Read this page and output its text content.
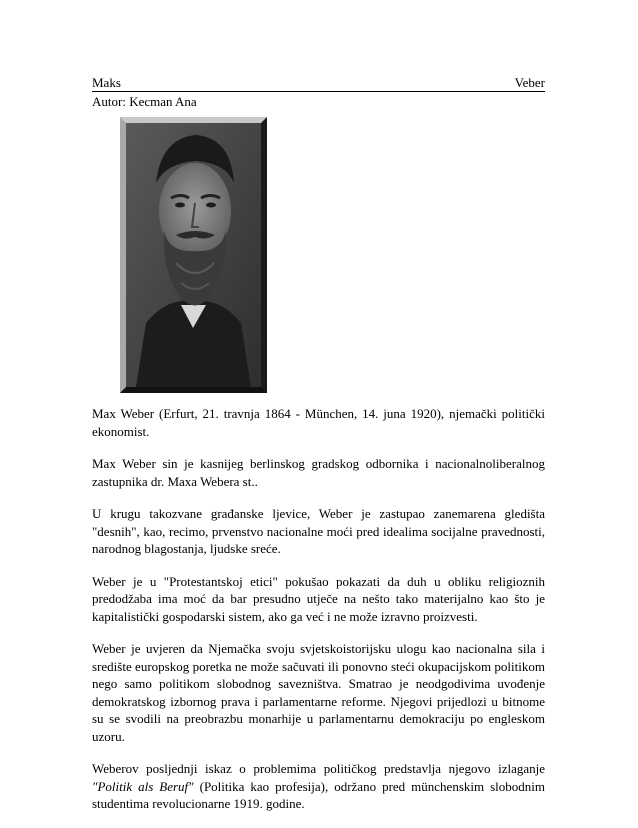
Maks	Veber
Autor: Kecman Ana

Max Weber (Erfurt, 21. travnja 1864 - München, 14. juna 1920), njemački politički ekonomist.

Max Weber sin je kasnijeg berlinskog gradskog odbornika i nacionalnoliberalnog zastupnika dr. Maxa Webera st..

U krugu takozvane građanske ljevice, Weber je zastupao zanemarena gledišta "desnih", kao, recimo, prvenstvo nacionalne moći pred idealima socijalne pravednosti, narodnog blagostanja, ljudske sreće.

Weber je u "Protestantskoj etici" pokušao pokazati da duh u obliku religioznih predodžaba ima moć da bar presudno utječe na nešto tako materijalno kao što je kapitalistički gospodarski sistem, ako ga već i ne može izravno proizvesti.

Weber je uvjeren da Njemačka svoju svjetskoistorijsku ulogu kao nacionalna sila i središte europskog poretka ne može sačuvati ili ponovno steći okupacijskom politikom nego samo politikom slobodnog savezništva. Smatrao je neodgodivima uvođenje demokratskog izbornog prava i parlamentarne reforme. Njegovi prijedlozi u bitnome su se svodili na preobrazbu monarhije u parlamentarnu demokraciju po engleskom uzoru.

Weberov posljednji iskaz o problemima političkog predstavlja njegovo izlaganje "Politik als Beruf" (Politika kao profesija), održano pred münchenskim slobodnim studentima revolucionarne 1919. godine.
